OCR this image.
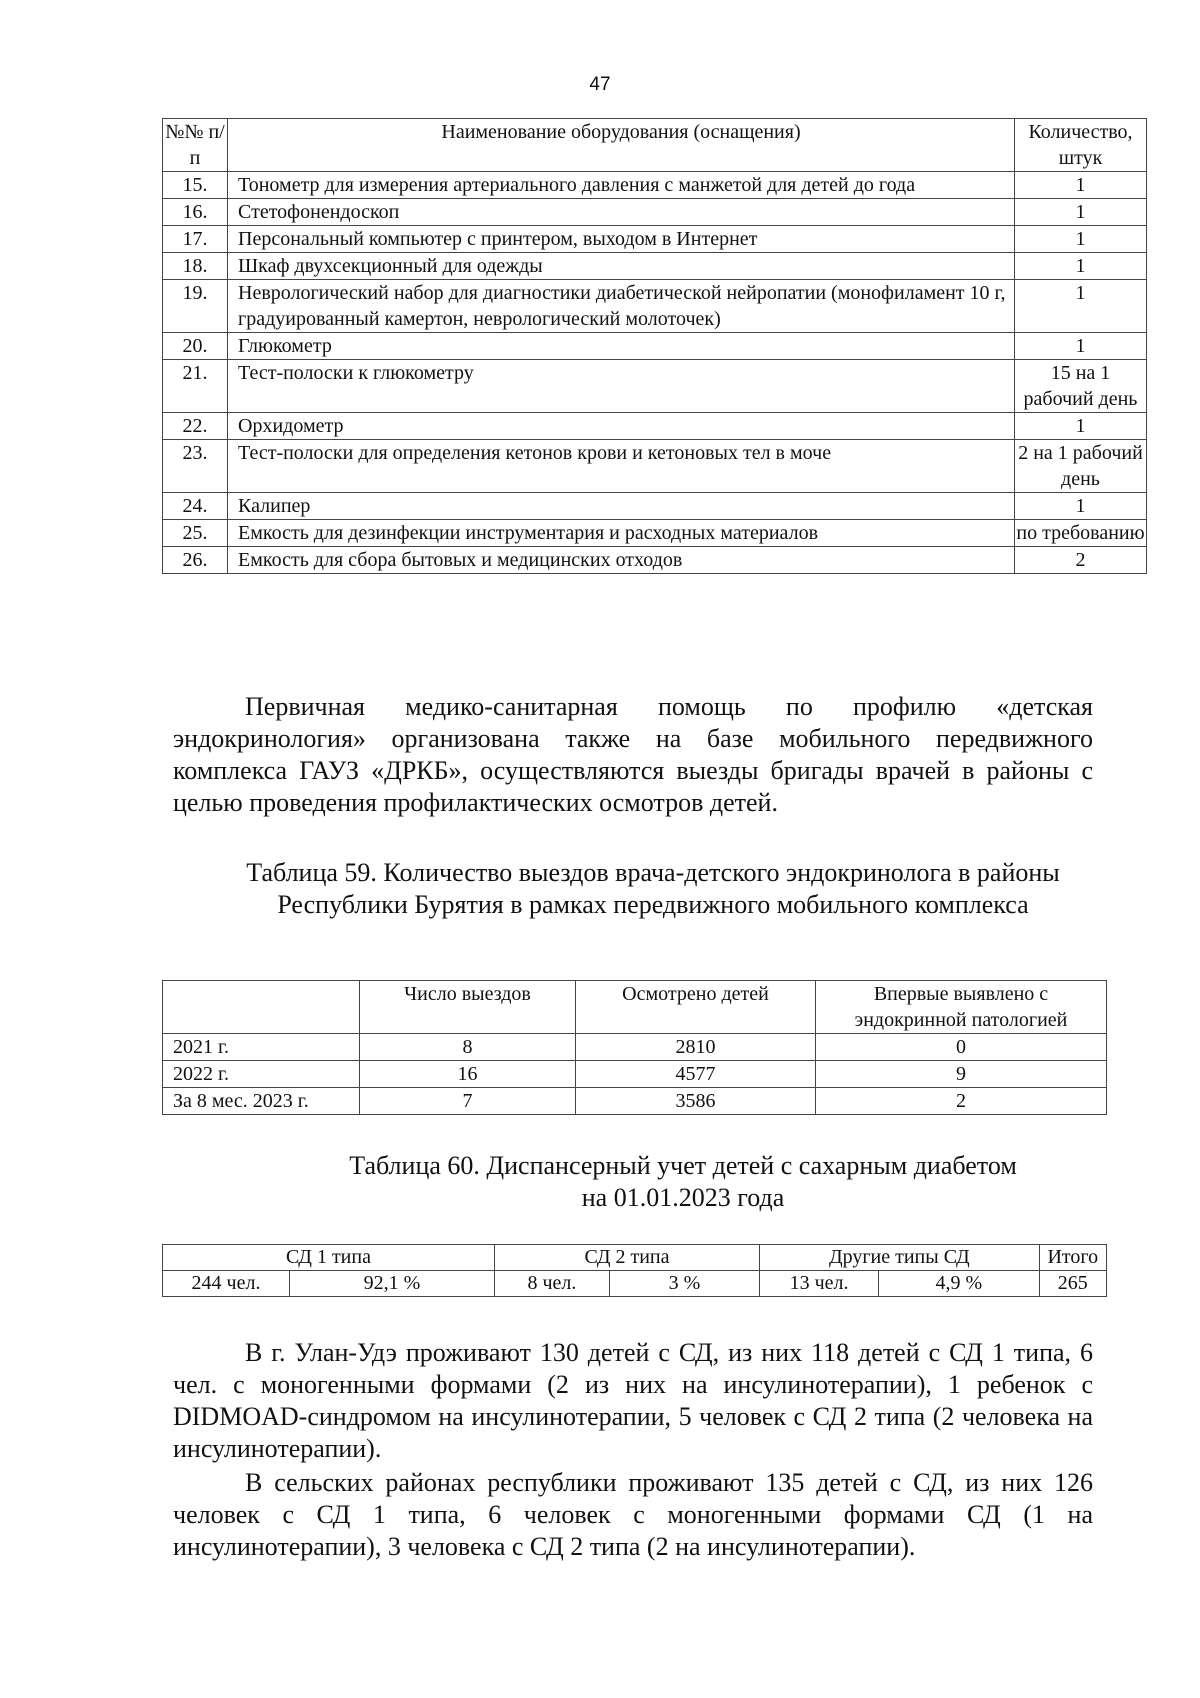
47
№№ п/п	Наименование оборудования (оснащения)	Количество, штук
15.	Тонометр для измерения артериального давления с манжетой для детей до года	1
16.	Стетофонендоскоп	1
17.	Персональный компьютер с принтером, выходом в Интернет	1
18.	Шкаф двухсекционный для одежды	1
19.	Неврологический набор для диагностики диабетической нейропатии (монофиламент 10 г, градуированный камертон, неврологический молоточек)	1
20.	Глюкометр	1
21.	Тест-полоски к глюкометру	15 на 1 рабочий день
22.	Орхидометр	1
23.	Тест-полоски для определения кетонов крови и кетоновых тел в моче	2 на 1 рабочий день
24.	Калипер	1
25.	Емкость для дезинфекции инструментария и расходных материалов	по требованию
26.	Емкость для сбора бытовых и медицинских отходов	2

Первичная медико-санитарная помощь по профилю «детская эндокринология» организована также на базе мобильного передвижного комплекса ГАУЗ «ДРКБ», осуществляются выезды бригады врачей в районы с целью проведения профилактических осмотров детей.

Таблица 59. Количество выездов врача-детского эндокринолога в районы Республики Бурятия в рамках передвижного мобильного комплекса

	Число выездов	Осмотрено детей	Впервые выявлено с эндокринной патологией
2021 г.	8	2810	0
2022 г.	16	4577	9
За 8 мес. 2023 г.	7	3586	2

Таблица 60. Диспансерный учет детей с сахарным диабетом
на 01.01.2023 года

СД 1 типа		СД 2 типа		Другие типы СД		Итого
244 чел.	92,1 %	8 чел.	3 %	13 чел.	4,9 %	265

В г. Улан-Удэ проживают 130 детей с СД, из них 118 детей с СД 1 типа, 6 чел. с моногенными формами (2 из них на инсулинотерапии), 1 ребенок с DIDMOAD-синдромом на инсулинотерапии, 5 человек с СД 2 типа (2 человека на инсулинотерапии).

В сельских районах республики проживают 135 детей с СД, из них 126 человек с СД 1 типа, 6 человек с моногенными формами СД (1 на инсулинотерапии), 3 человека с СД 2 типа (2 на инсулинотерапии).
